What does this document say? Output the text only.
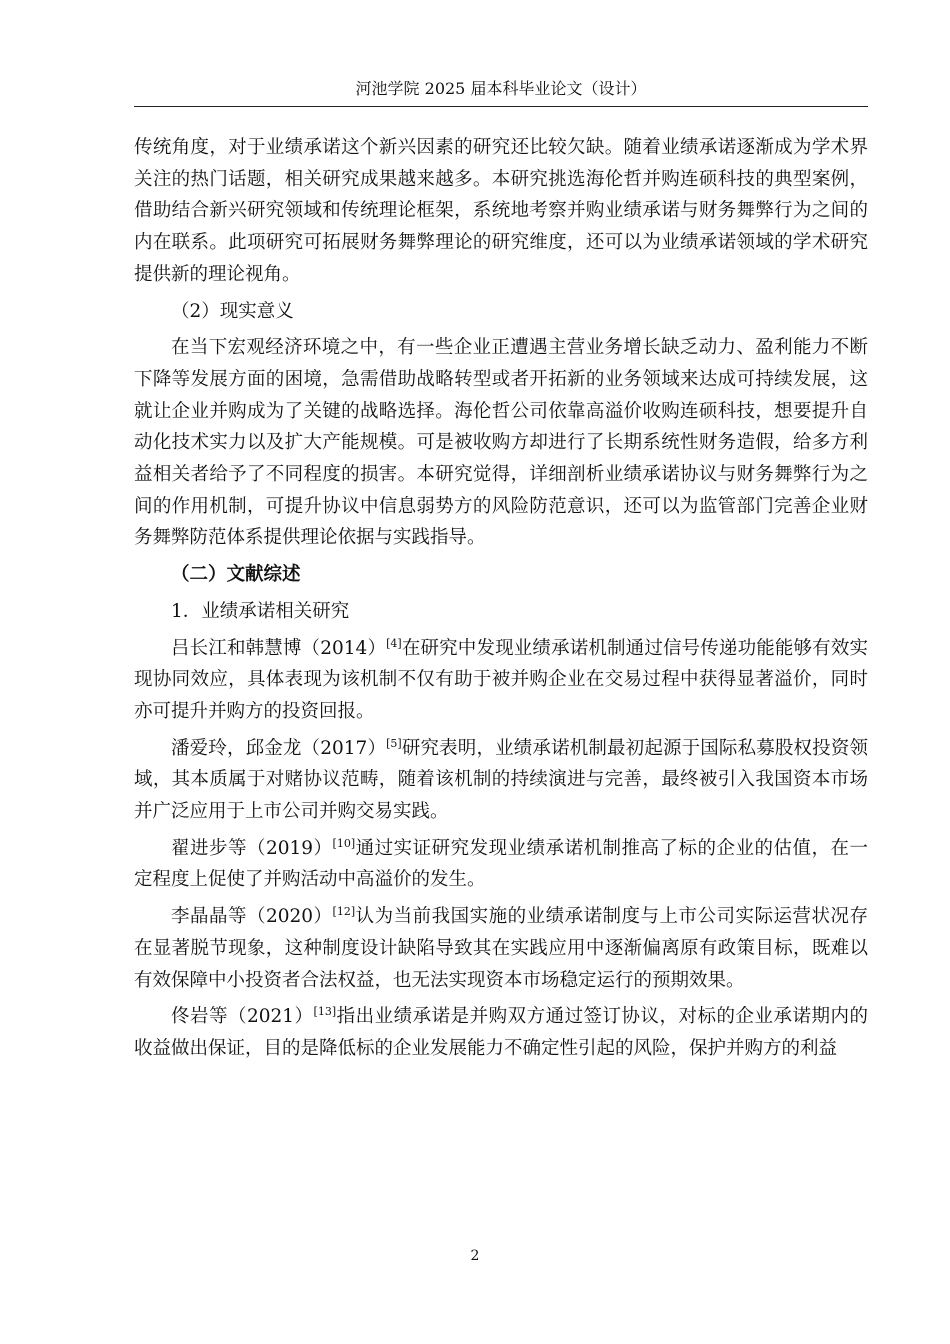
河池学院 2025 届本科毕业论文（设计）

传统角度，对于业绩承诺这个新兴因素的研究还比较欠缺。随着业绩承诺逐渐成为学术界关注的热门话题，相关研究成果越来越多。本研究挑选海伦哲并购连硕科技的典型案例，借助结合新兴研究领域和传统理论框架，系统地考察并购业绩承诺与财务舞弊行为之间的内在联系。此项研究可拓展财务舞弊理论的研究维度，还可以为业绩承诺领域的学术研究提供新的理论视角。

（2）现实意义

在当下宏观经济环境之中，有一些企业正遭遇主营业务增长缺乏动力、盈利能力不断下降等发展方面的困境，急需借助战略转型或者开拓新的业务领域来达成可持续发展，这就让企业并购成为了关键的战略选择。海伦哲公司依靠高溢价收购连硕科技，想要提升自动化技术实力以及扩大产能规模。可是被收购方却进行了长期系统性财务造假，给多方利益相关者给予了不同程度的损害。本研究觉得，详细剖析业绩承诺协议与财务舞弊行为之间的作用机制，可提升协议中信息弱势方的风险防范意识，还可以为监管部门完善企业财务舞弊防范体系提供理论依据与实践指导。

（二）文献综述

1．业绩承诺相关研究

吕长江和韩慧博（2014）[4]在研究中发现业绩承诺机制通过信号传递功能能够有效实现协同效应，具体表现为该机制不仅有助于被并购企业在交易过程中获得显著溢价，同时亦可提升并购方的投资回报。

潘爱玲，邱金龙（2017）[5]研究表明，业绩承诺机制最初起源于国际私募股权投资领域，其本质属于对赌协议范畴，随着该机制的持续演进与完善，最终被引入我国资本市场并广泛应用于上市公司并购交易实践。

翟进步等（2019）[10]通过实证研究发现业绩承诺机制推高了标的企业的估值，在一定程度上促使了并购活动中高溢价的发生。

李晶晶等（2020）[12]认为当前我国实施的业绩承诺制度与上市公司实际运营状况存在显著脱节现象，这种制度设计缺陷导致其在实践应用中逐渐偏离原有政策目标，既难以有效保障中小投资者合法权益，也无法实现资本市场稳定运行的预期效果。

佟岩等（2021）[13]指出业绩承诺是并购双方通过签订协议，对标的企业承诺期内的收益做出保证，目的是降低标的企业发展能力不确定性引起的风险，保护并购方的利益

2
